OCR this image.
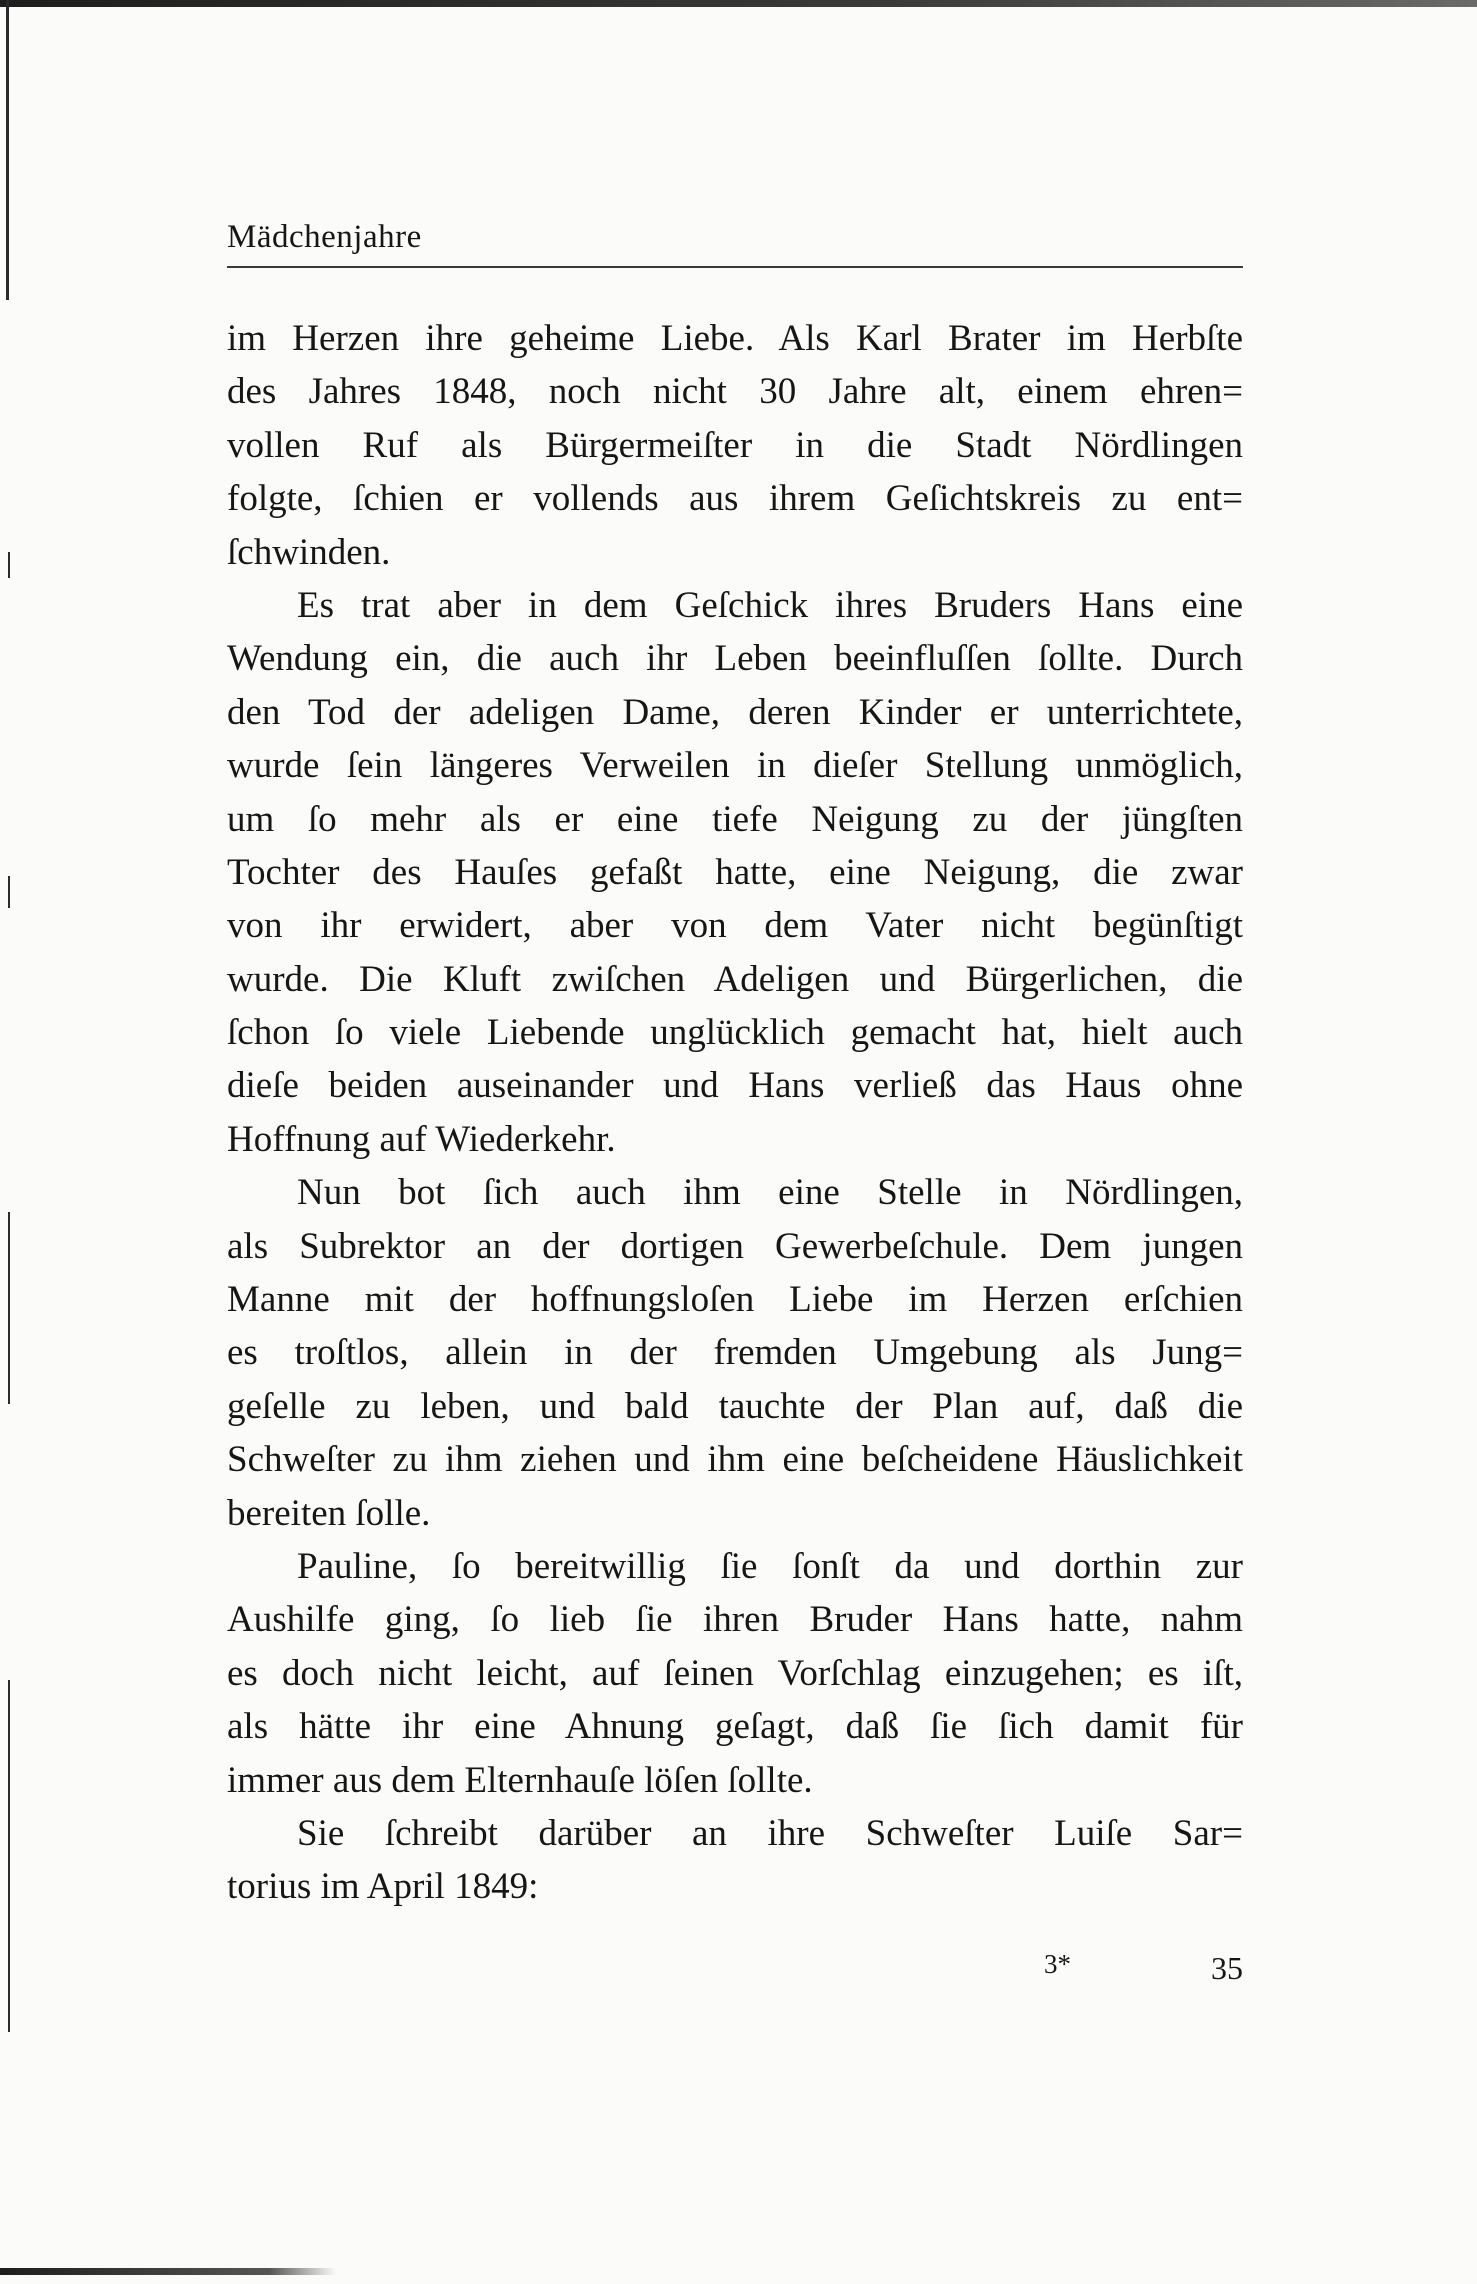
Mädchenjahre
im Herzen ihre geheime Liebe. Als Karl Brater im Herbſte
des Jahres 1848, noch nicht 30 Jahre alt, einem ehren=
vollen Ruf als Bürgermeiſter in die Stadt Nördlingen
folgte, ſchien er vollends aus ihrem Geſichtskreis zu ent=
ſchwinden.
Es trat aber in dem Geſchick ihres Bruders Hans eine
Wendung ein, die auch ihr Leben beeinfluſſen ſollte. Durch
den Tod der adeligen Dame, deren Kinder er unterrichtete,
wurde ſein längeres Verweilen in dieſer Stellung unmöglich,
um ſo mehr als er eine tiefe Neigung zu der jüngſten
Tochter des Hauſes gefaßt hatte, eine Neigung, die zwar
von ihr erwidert, aber von dem Vater nicht begünſtigt
wurde. Die Kluft zwiſchen Adeligen und Bürgerlichen, die
ſchon ſo viele Liebende unglücklich gemacht hat, hielt auch
dieſe beiden auseinander und Hans verließ das Haus ohne
Hoffnung auf Wiederkehr.
Nun bot ſich auch ihm eine Stelle in Nördlingen,
als Subrektor an der dortigen Gewerbeſchule. Dem jungen
Manne mit der hoffnungsloſen Liebe im Herzen erſchien
es troſtlos, allein in der fremden Umgebung als Jung=
geſelle zu leben, und bald tauchte der Plan auf, daß die
Schweſter zu ihm ziehen und ihm eine beſcheidene Häuslichkeit
bereiten ſolle.
Pauline, ſo bereitwillig ſie ſonſt da und dorthin zur
Aushilfe ging, ſo lieb ſie ihren Bruder Hans hatte, nahm
es doch nicht leicht, auf ſeinen Vorſchlag einzugehen; es iſt,
als hätte ihr eine Ahnung geſagt, daß ſie ſich damit für
immer aus dem Elternhauſe löſen ſollte.
Sie ſchreibt darüber an ihre Schweſter Luiſe Sar=
torius im April 1849:
3*	35
